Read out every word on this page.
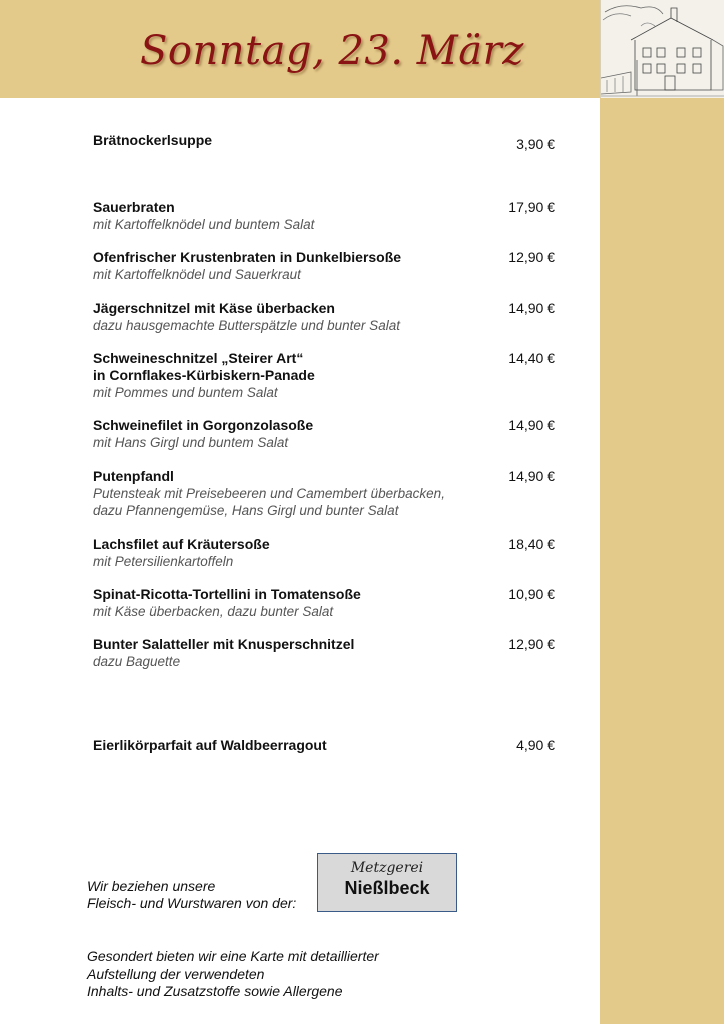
Sonntag, 23. März
Brätnockerlsuppe	3,90 €
Sauerbraten
mit Kartoffelknödel und buntem Salat
17,90 €
Ofenfrischer Krustenbraten in Dunkelbiersoße
mit Kartoffelknödel und Sauerkraut
12,90 €
Jägerschnitzel mit Käse überbacken
dazu hausgemachte Butterspätzle und bunter Salat
14,90 €
Schweineschnitzel „Steirer Art“
in Cornflakes-Kürbiskern-Panade
mit Pommes und buntem Salat
14,40 €
Schweinefilet in Gorgonzolasoße
mit Hans Girgl und buntem Salat
14,90 €
Putenpfandl
Putensteak mit Preisebeeren und Camembert überbacken,
dazu Pfannengemüse, Hans Girgl und bunter Salat
14,90 €
Lachsfilet auf Kräutersoße
mit Petersilienkartoffeln
18,40 €
Spinat-Ricotta-Tortellini in Tomatensoße
mit Käse überbacken, dazu bunter Salat
10,90 €
Bunter Salatteller mit Knusperschnitzel
dazu Baguette
12,90 €
Eierlikörparfait auf Waldbeerragout	4,90 €
Wir beziehen unsere
Fleisch- und Wurstwaren von der:
Metzgerei
Nießlbeck
Gesondert bieten wir eine Karte mit detaillierter
Aufstellung der verwendeten
Inhalts- und Zusatzstoffe sowie Allergene
